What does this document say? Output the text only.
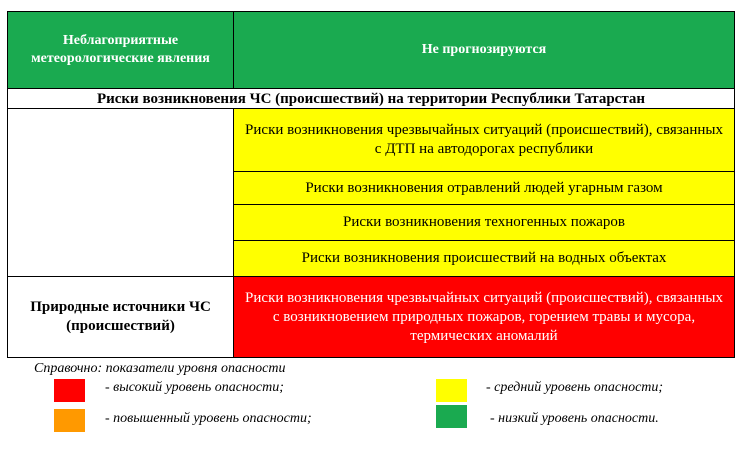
Неблагоприятные метеорологические явления	Не прогнозируются
Риски возникновения ЧС (происшествий) на территории Республики Татарстан	
	Риски возникновения чрезвычайных ситуаций (происшествий), связанных с ДТП на автодорогах республики
	Риски возникновения отравлений людей угарным газом
	Риски возникновения техногенных пожаров
	Риски возникновения происшествий на водных объектах
Природные источники ЧС (происшествий)	Риски возникновения чрезвычайных ситуаций (происшествий), связанных с возникновением природных пожаров, горением травы и мусора, термических аномалий
Справочно: показатели уровня опасности
- высокий уровень опасности;	- средний уровень опасности;
- повышенный уровень опасности;	- низкий уровень опасности.
